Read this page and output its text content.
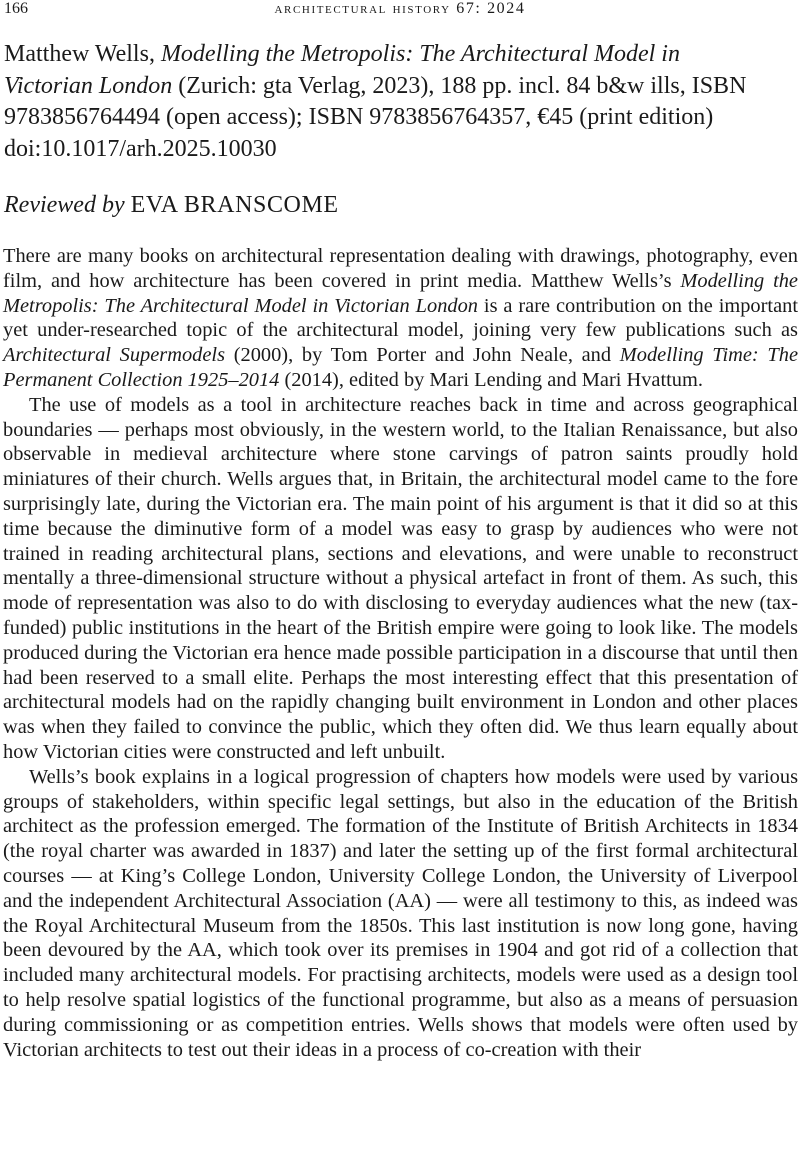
166	architectural history 67: 2024
Matthew Wells, Modelling the Metropolis: The Architectural Model in Victorian London (Zurich: gta Verlag, 2023), 188 pp. incl. 84 b&w ills, ISBN 9783856764494 (open access); ISBN 9783856764357, €45 (print edition)
doi:10.1017/arh.2025.10030
Reviewed by EVA BRANSCOME

There are many books on architectural representation dealing with drawings, photography, even film, and how architecture has been covered in print media. Matthew Wells’s Modelling the Metropolis: The Architectural Model in Victorian London is a rare contribution on the important yet under-researched topic of the architectural model, joining very few publications such as Architectural Supermodels (2000), by Tom Porter and John Neale, and Modelling Time: The Permanent Collection 1925–2014 (2014), edited by Mari Lending and Mari Hvattum.

The use of models as a tool in architecture reaches back in time and across geographical boundaries — perhaps most obviously, in the western world, to the Italian Renaissance, but also observable in medieval architecture where stone carvings of patron saints proudly hold miniatures of their church. Wells argues that, in Britain, the architectural model came to the fore surprisingly late, during the Victorian era. The main point of his argument is that it did so at this time because the diminutive form of a model was easy to grasp by audiences who were not trained in reading architectural plans, sections and elevations, and were unable to reconstruct mentally a three-dimensional structure without a physical artefact in front of them. As such, this mode of representation was also to do with disclosing to everyday audiences what the new (tax-funded) public institutions in the heart of the British empire were going to look like. The models produced during the Victorian era hence made possible participation in a discourse that until then had been reserved to a small elite. Perhaps the most interesting effect that this presentation of architectural models had on the rapidly changing built environment in London and other places was when they failed to convince the public, which they often did. We thus learn equally about how Victorian cities were constructed and left unbuilt.

Wells’s book explains in a logical progression of chapters how models were used by various groups of stakeholders, within specific legal settings, but also in the education of the British architect as the profession emerged. The formation of the Institute of British Architects in 1834 (the royal charter was awarded in 1837) and later the setting up of the first formal architectural courses — at King’s College London, University College London, the University of Liverpool and the independent Architectural Association (AA) — were all testimony to this, as indeed was the Royal Architectural Museum from the 1850s. This last institution is now long gone, having been devoured by the AA, which took over its premises in 1904 and got rid of a collection that included many architectural models. For practising architects, models were used as a design tool to help resolve spatial logistics of the functional programme, but also as a means of persuasion during commissioning or as competition entries. Wells shows that models were often used by Victorian architects to test out their ideas in a process of co-creation with their
